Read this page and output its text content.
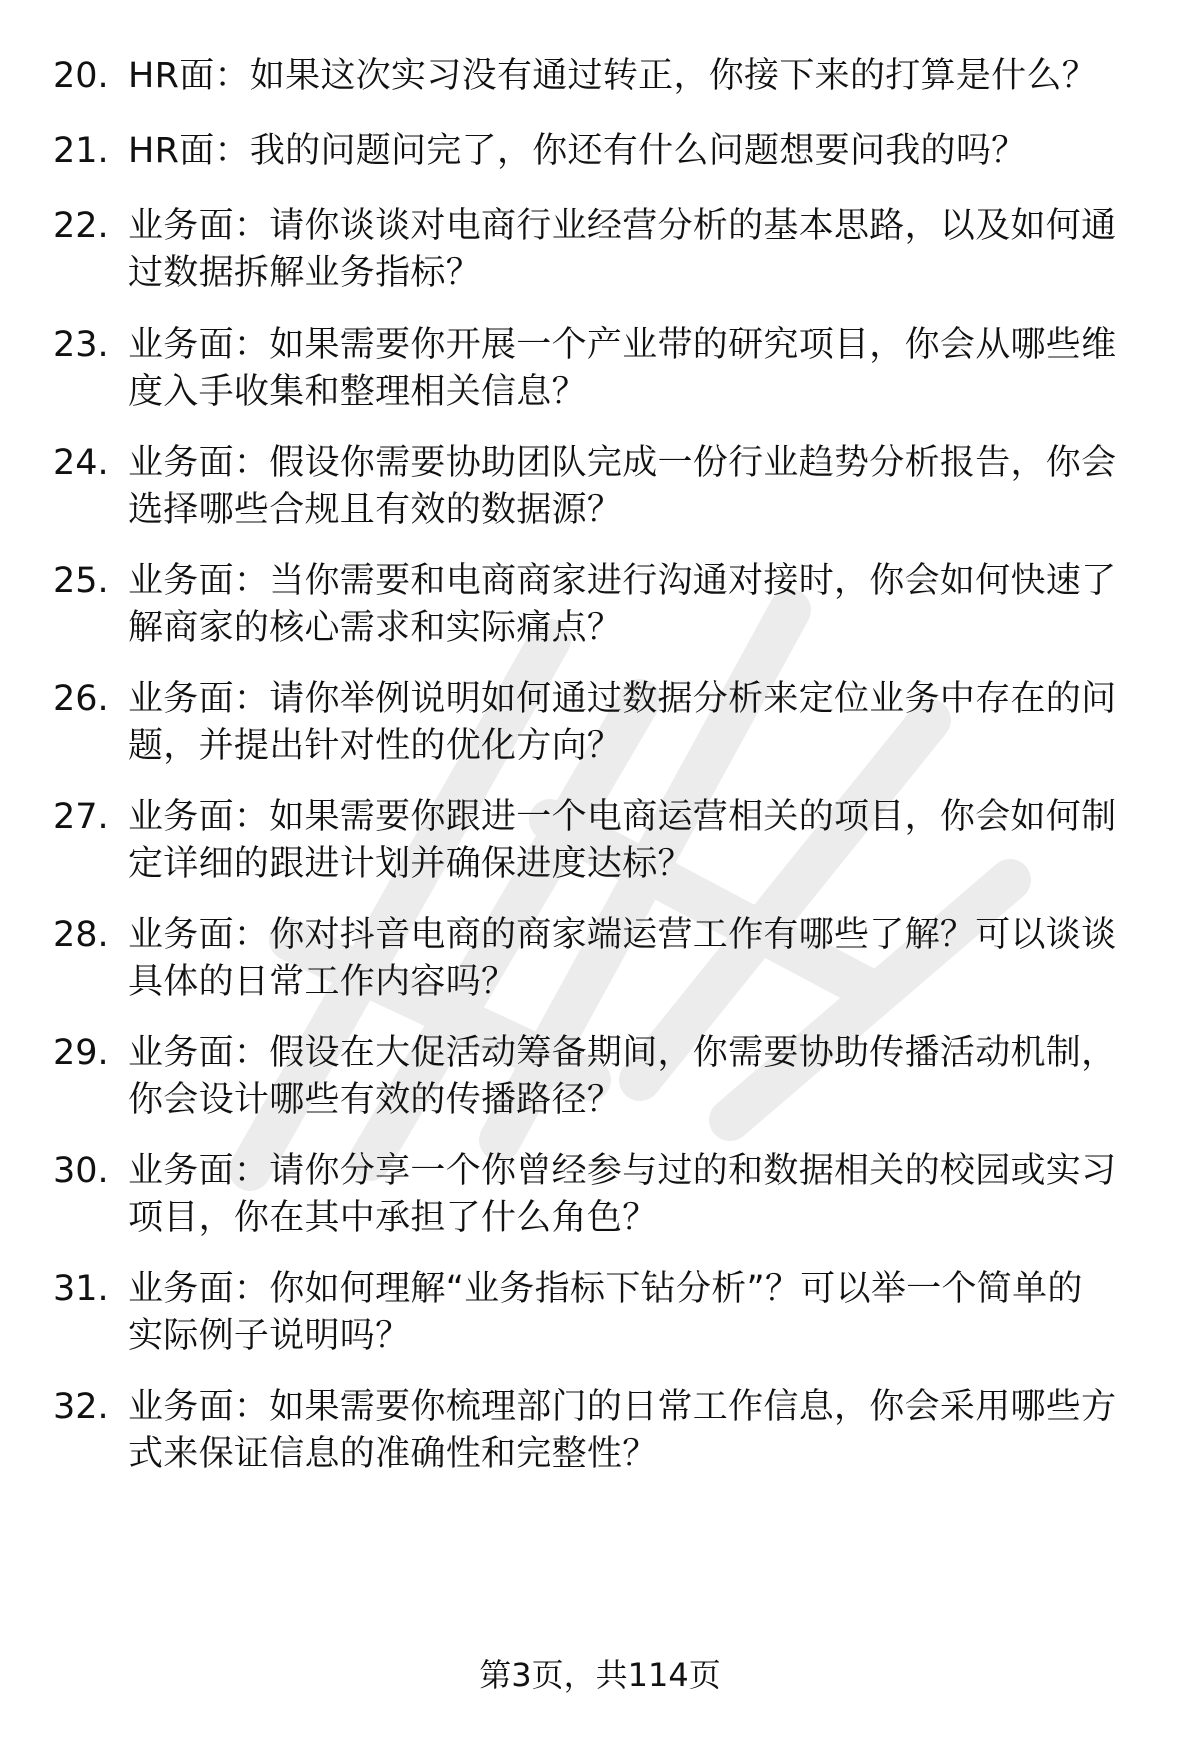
20. HR面：如果这次实习没有通过转正，你接下来的打算是什么？
21. HR面：我的问题问完了，你还有什么问题想要问我的吗？
22. 业务面：请你谈谈对电商行业经营分析的基本思路，以及如何通
过数据拆解业务指标？
23. 业务面：如果需要你开展一个产业带的研究项目，你会从哪些维
度入手收集和整理相关信息？
24. 业务面：假设你需要协助团队完成一份行业趋势分析报告，你会
选择哪些合规且有效的数据源？
25. 业务面：当你需要和电商商家进行沟通对接时，你会如何快速了
解商家的核心需求和实际痛点？
26. 业务面：请你举例说明如何通过数据分析来定位业务中存在的问
题，并提出针对性的优化方向？
27. 业务面：如果需要你跟进一个电商运营相关的项目，你会如何制
定详细的跟进计划并确保进度达标？
28. 业务面：你对抖音电商的商家端运营工作有哪些了解？可以谈谈
具体的日常工作内容吗？
29. 业务面：假设在大促活动筹备期间，你需要协助传播活动机制，
你会设计哪些有效的传播路径？
30. 业务面：请你分享一个你曾经参与过的和数据相关的校园或实习
项目，你在其中承担了什么角色？
31. 业务面：你如何理解“业务指标下钻分析”？可以举一个简单的
实际例子说明吗？
32. 业务面：如果需要你梳理部门的日常工作信息，你会采用哪些方
式来保证信息的准确性和完整性？
第3页，共114页
